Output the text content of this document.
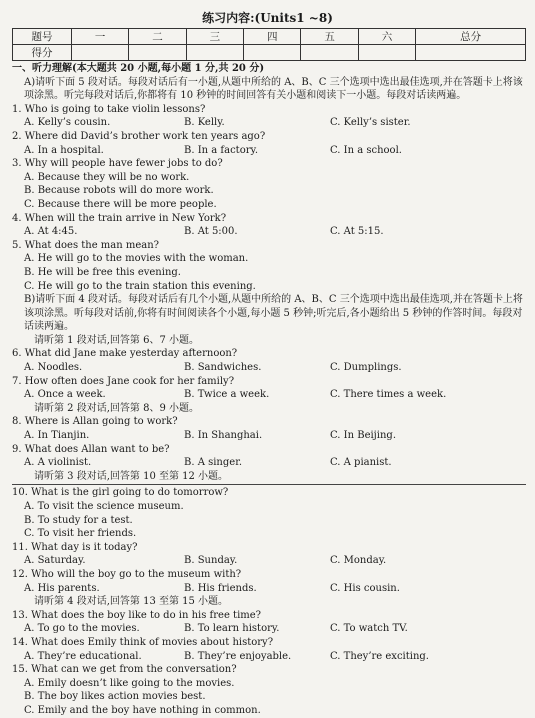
练习内容:(Units1 ~8)
题号	一	二	三	四	五	六	总分
得分							
一、听力理解(本大题共 20 小题,每小题 1 分,共 20 分)
A)请听下面 5 段对话。每段对话后有一小题,从题中所给的 A、B、C 三个选项中选出最佳选项,并在答题卡上将该项涂黑。听完每段对话后,你都将有 10 秒钟的时间回答有关小题和阅读下一小题。每段对话读两遍。
1. Who is going to take violin lessons?
A. Kelly’s cousin.	B. Kelly.	C. Kelly’s sister.
2. Where did David’s brother work ten years ago?
A. In a hospital.	B. In a factory.	C. In a school.
3. Why will people have fewer jobs to do?
A. Because they will be no work.
B. Because robots will do more work.
C. Because there will be more people.
4. When will the train arrive in New York?
A. At 4:45.	B. At 5:00.	C. At 5:15.
5. What does the man mean?
A. He will go to the movies with the woman.
B. He will be free this evening.
C. He will go to the train station this evening.
B)请听下面 4 段对话。每段对话后有几个小题,从题中所给的 A、B、C 三个选项中选出最佳选项,并在答题卡上将该项涂黑。听每段对话前,你将有时间阅读各个小题,每小题 5 秒钟;听完后,各小题给出 5 秒钟的作答时间。每段对话读两遍。
请听第 1 段对话,回答第 6、7 小题。
6. What did Jane make yesterday afternoon?
A. Noodles.	B. Sandwiches.	C. Dumplings.
7. How often does Jane cook for her family?
A. Once a week.	B. Twice a week.	C. There times a week.
请听第 2 段对话,回答第 8、9 小题。
8. Where is Allan going to work?
A. In Tianjin.	B. In Shanghai.	C. In Beijing.
9. What does Allan want to be?
A. A violinist.	B. A singer.	C. A pianist.
请听第 3 段对话,回答第 10 至第 12 小题。
10. What is the girl going to do tomorrow?
A. To visit the science museum.
B. To study for a test.
C. To visit her friends.
11. What day is it today?
A. Saturday.	B. Sunday.	C. Monday.
12. Who will the boy go to the museum with?
A. His parents.	B. His friends.	C. His cousin.
请听第 4 段对话,回答第 13 至第 15 小题。
13. What does the boy like to do in his free time?
A. To go to the movies.	B. To learn history.	C. To watch TV.
14. What does Emily think of movies about history?
A. They’re educational.	B. They’re enjoyable.	C. They’re exciting.
15. What can we get from the conversation?
A. Emily doesn’t like going to the movies.
B. The boy likes action movies best.
C. Emily and the boy have nothing in common.
